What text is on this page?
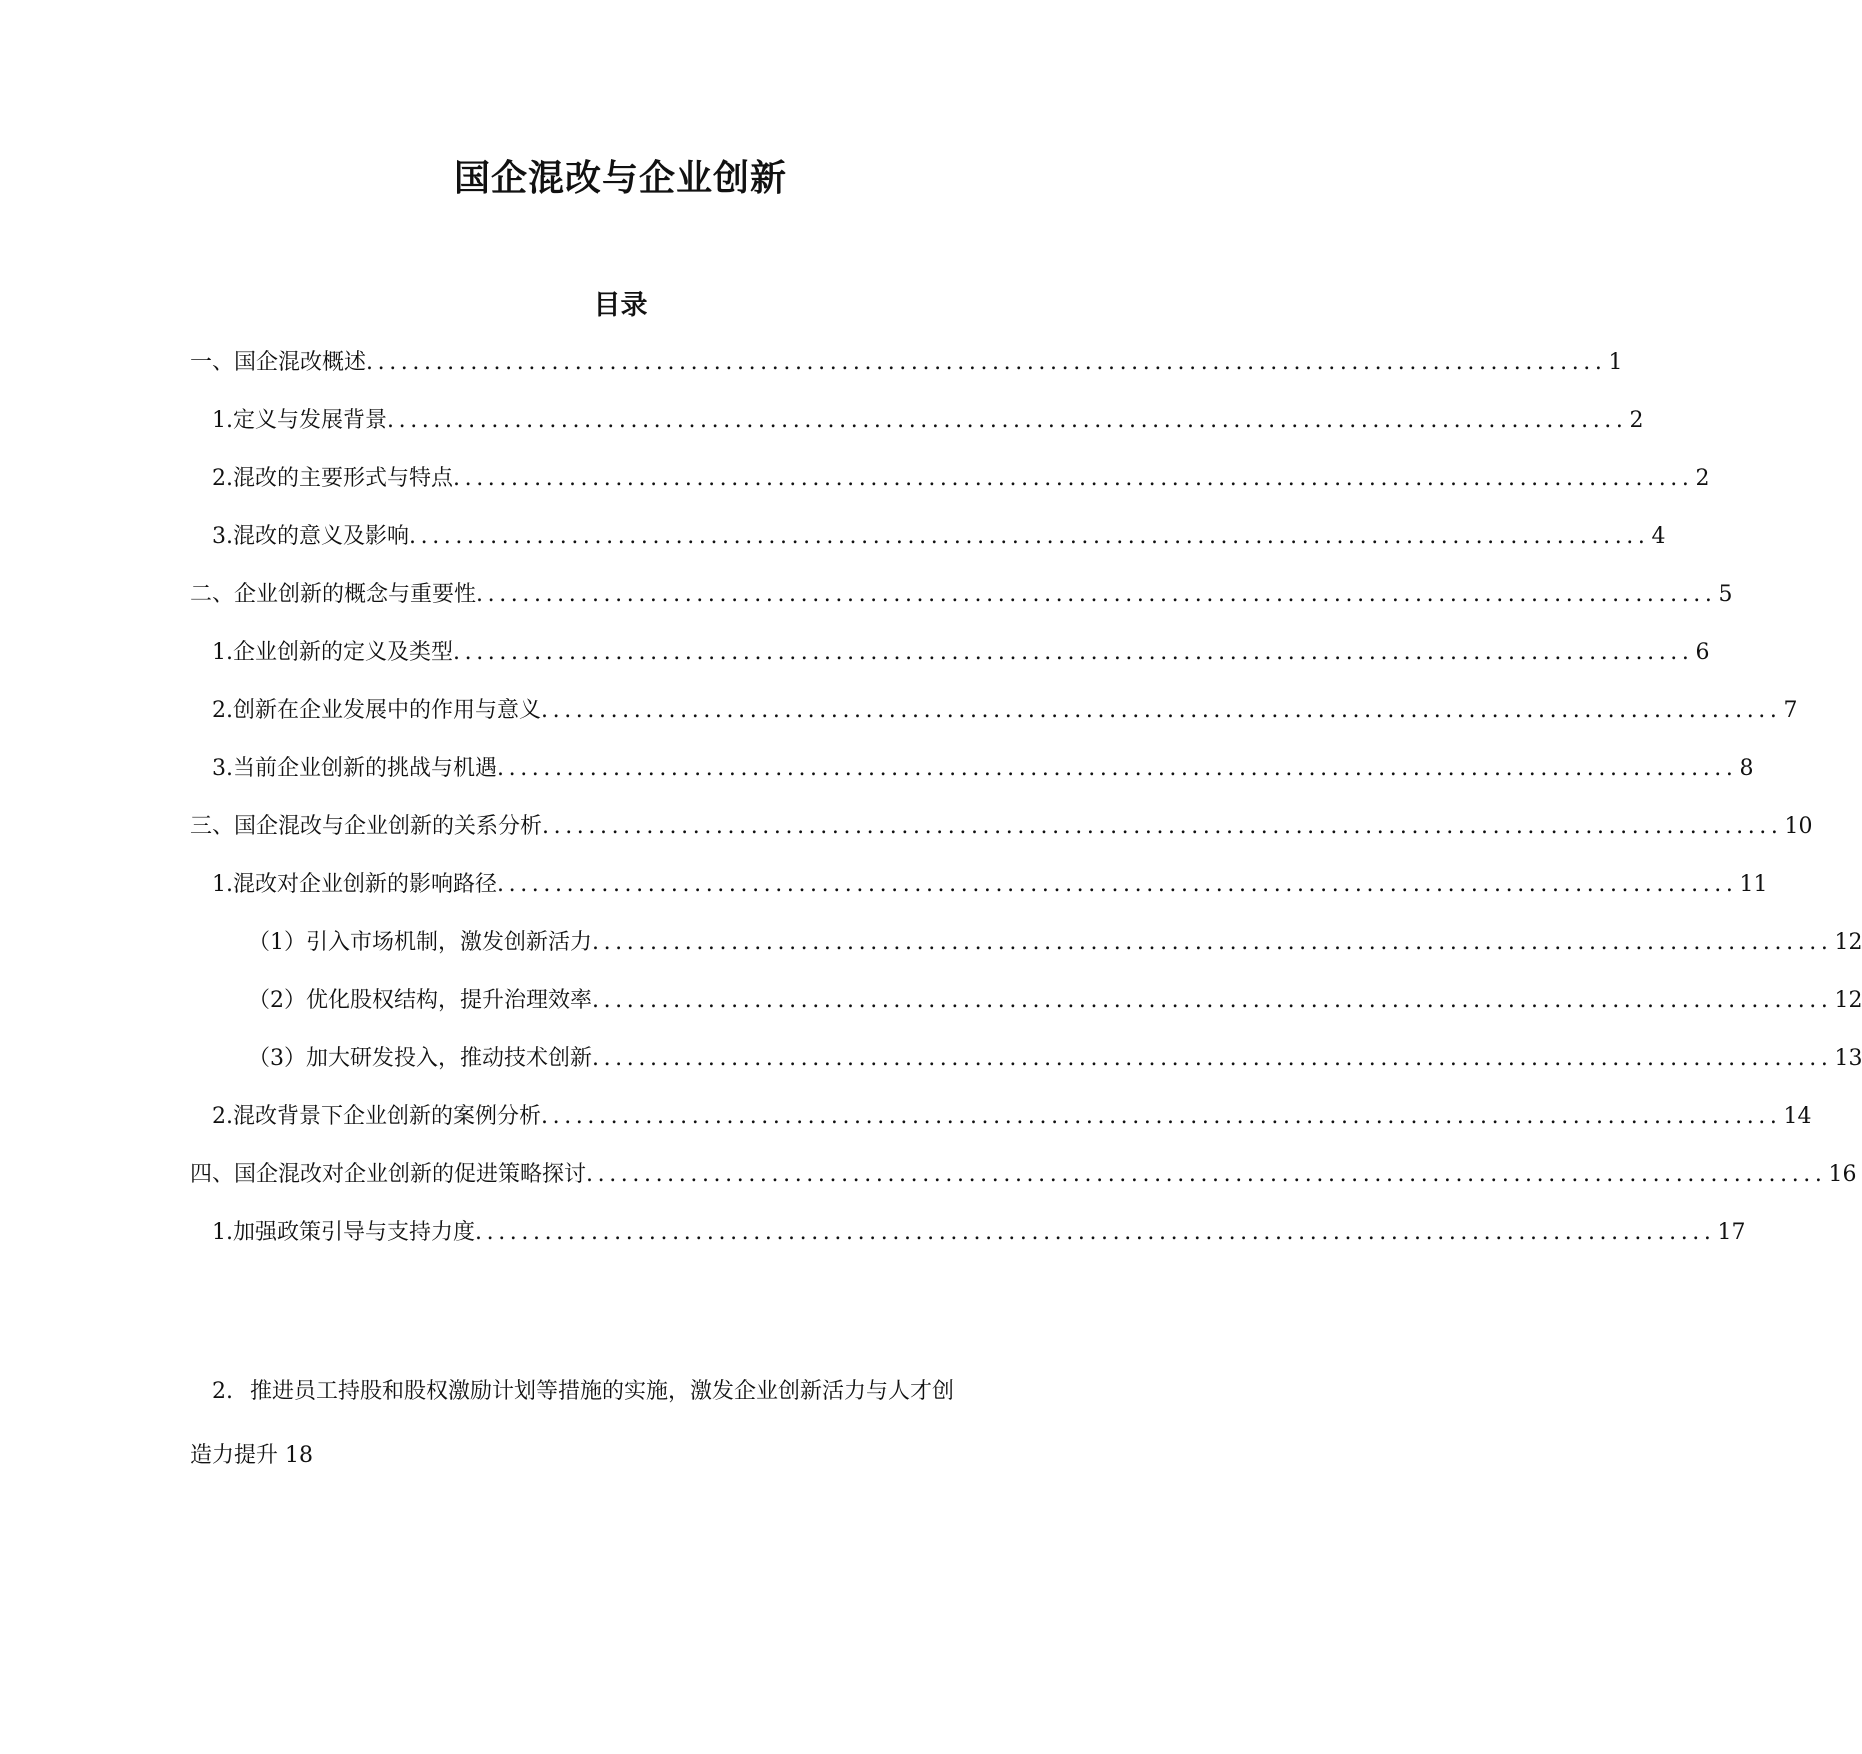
国企混改与企业创新
目录
一、国企混改概述 ........................................................................................................... 1
1. 定义与发展背景 ........................................................................................................... 2
2. 混改的主要形式与特点 ........................................................................................................... 2
3. 混改的意义及影响 ........................................................................................................... 4
二、企业创新的概念与重要性 ........................................................................................................... 5
1. 企业创新的定义及类型 ........................................................................................................... 6
2. 创新在企业发展中的作用与意义 ........................................................................................................... 7
3. 当前企业创新的挑战与机遇 ........................................................................................................... 8
三、国企混改与企业创新的关系分析 ........................................................................................................... 10
1. 混改对企业创新的影响路径 ........................................................................................................... 11
（1）引入市场机制，激发创新活力 ........................................................................................................... 12
（2）优化股权结构，提升治理效率 ........................................................................................................... 12
（3）加大研发投入，推动技术创新 ........................................................................................................... 13
2. 混改背景下企业创新的案例分析 ........................................................................................................... 14
四、国企混改对企业创新的促进策略探讨 ........................................................................................................... 16
1. 加强政策引导与支持力度 ........................................................................................................... 17
2. 推进员工持股和股权激励计划等措施的实施，激发企业创新活力与人才创
造力提升 18
